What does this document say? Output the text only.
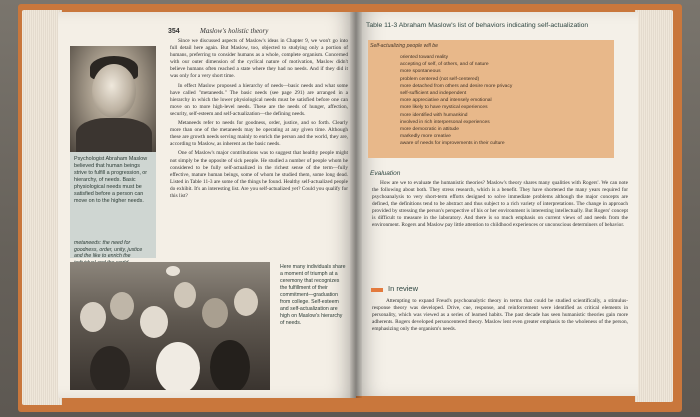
354	Maslow's holistic theory
Psychologist Abraham Maslow believed that human beings strive to fulfill a progression, or hierarchy, of needs. Basic physiological needs must be satisfied before a person can move on to the higher needs.
metaneeds: the need for goodness, order, unity, justice and the like to enrich the

Since we discussed aspects of Maslow's ideas in Chapter 9, we won't go into full detail here again. But Maslow, too, objected to studying only a portion of humans, preferring to consider humans as a whole, complete organism. Concerned with our outer dimension of the cyclical nature of motivation, Maslow didn't believe humans often reached a state where they had no needs. And if they did it was only for a very short time.

In effect Maslow proposed a hierarchy of needs—basic needs and what some have called "metaneeds." The basic needs (see page 291) are arranged in a hierarchy in which the lower physiological needs must be satisfied before one can move on to more high-level needs. These are the needs of hunger, affection, security, self-esteem and self-actualization—the defining needs.

Metaneeds refer to needs for goodness, order, justice, and so forth. Clearly more than one of the metaneeds may be operating at any given time. Although these are growth needs serving mainly to enrich the person and the world, they are, according to Maslow, as inherent as the basic needs.

One of Maslow's major contributions was to suggest that healthy people might not simply be the opposite of sick people. He studied a number of people whom he considered to be fully self-actualized in the richest sense of the term—fully effective, mature human beings, some of whom he studied them, some long dead. Listed in Table 11-3 are some of the things he found. Healthy self-actualized people do exhibit. It's an interesting list. Are you self-actualized yet? Could you qualify for this list?

Here many individuals share a moment of triumph at a ceremony that recognizes the fulfillment of their commitment—graduation from college. Self-esteem and self-actualization are high on Maslow's hierarchy of needs.
Table 11-3 Abraham Maslow's list of behaviors indicating self-actualization
Self-actualizing people will be
oriented toward reality
accepting of self, of others, and of nature
more spontaneous
problem centered (not self-centered)
more detached from others and desire more privacy
self-sufficient and independent
more appreciative and intensely emotional
more likely to have mystical experiences
more identified with humankind
involved in rich interpersonal experiences
more democratic in attitude
markedly more creative
aware of needs for improvements in their culture
Evaluation

How are we to evaluate the humanistic theories? Maslow's theory shares many qualities with Rogers'. We can note the following about both. They stress research, which is a benefit. They have shortened the many years required for psychoanalysis to very short-term efforts designed to solve immediate problems although the major concepts are defined, the definitions tend to be abstract and thus subject to a rich variety of interpretations. The change in approach provided by stressing the person's perspective of his or her environment is interesting intellectually. But Rogers' concept is difficult to measure in the laboratory. And there is so much emphasis on current views of and needs from the environment. Rogers and Maslow pay little attention to childhood experiences or unconscious determiners of behavior.

In review

Attempting to expand Freud's psychoanalytic theory in terms that could be studied scientifically, a stimulus-response theory was developed. Drive, cue, response, and reinforcement were identified as critical elements in personality, which was viewed as a series of learned habits. The past decade has seen humanistic theories gain more adherents. Rogers developed personcentered theory. Maslow lent even greater emphasis to the wholeness of the person, emphasizing only the organism's needs.
